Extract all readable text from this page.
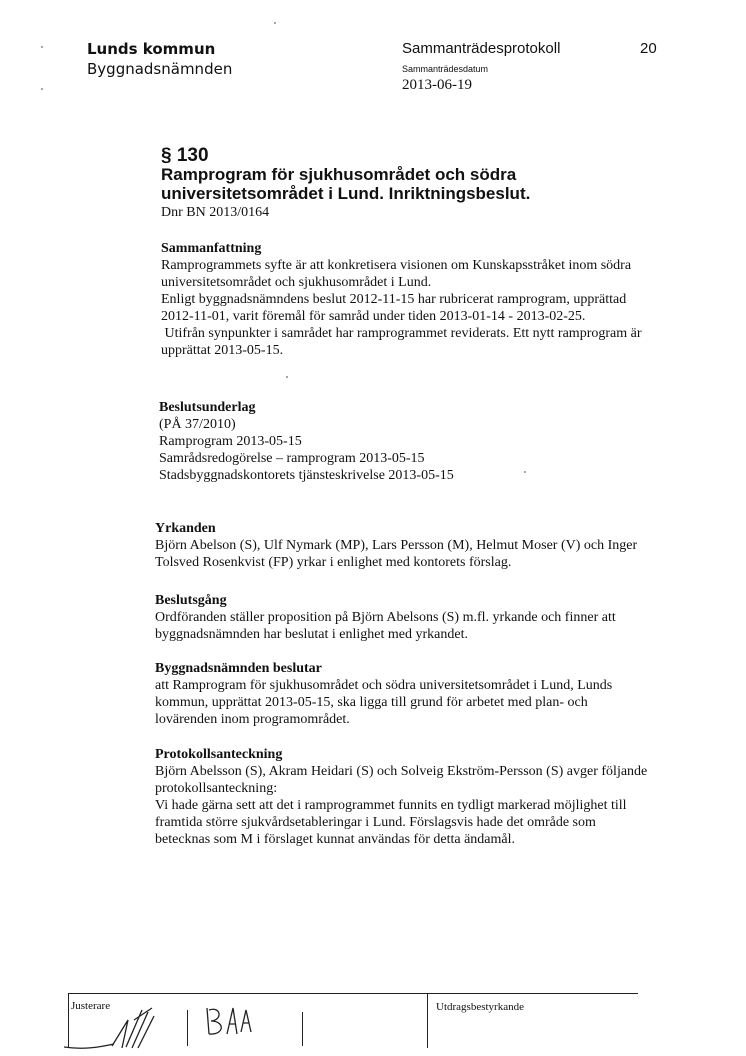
Lunds kommun
Byggnadsnämnden
Sammanträdesprotokoll	20
Sammanträdesdatum
2013-06-19
§ 130
Ramprogram för sjukhusområdet och södra universitetsområdet i Lund. Inriktningsbeslut.
Dnr BN 2013/0164
Sammanfattning

Ramprogrammets syfte är att konkretisera visionen om Kunskapsstråket inom södra

universitetsområdet och sjukhusområdet i Lund.

Enligt byggnadsnämndens beslut 2012-11-15 har rubricerat ramprogram, upprättad

2012-11-01, varit föremål för samråd under tiden 2013-01-14 - 2013-02-25.

Utifrån synpunkter i samrådet har ramprogrammet reviderats. Ett nytt ramprogram är

upprättat 2013-05-15.

Beslutsunderlag

(PÅ 37/2010)

Ramprogram 2013-05-15

Samrådsredogörelse – ramprogram 2013-05-15

Stadsbyggnadskontorets tjänsteskrivelse 2013-05-15

Yrkanden

Björn Abelson (S), Ulf Nymark (MP), Lars Persson (M), Helmut Moser (V) och Inger

Tolsved Rosenkvist (FP) yrkar i enlighet med kontorets förslag.

Beslutsgång

Ordföranden ställer proposition på Björn Abelsons (S) m.fl. yrkande och finner att

byggnadsnämnden har beslutat i enlighet med yrkandet.

Byggnadsnämnden beslutar

att Ramprogram för sjukhusområdet och södra universitetsområdet i Lund, Lunds

kommun, upprättat 2013-05-15, ska ligga till grund för arbetet med plan- och

lovärenden inom programområdet.

Protokollsanteckning

Björn Abelsson (S), Akram Heidari (S) och Solveig Ekström-Persson (S) avger följande

protokollsanteckning:

Vi hade gärna sett att det i ramprogrammet funnits en tydligt markerad möjlighet till

framtida större sjukvårdsetableringar i Lund. Förslagsvis hade det område som

betecknas som M i förslaget kunnat användas för detta ändamål.

Justerare	Utdragsbestyrkande
